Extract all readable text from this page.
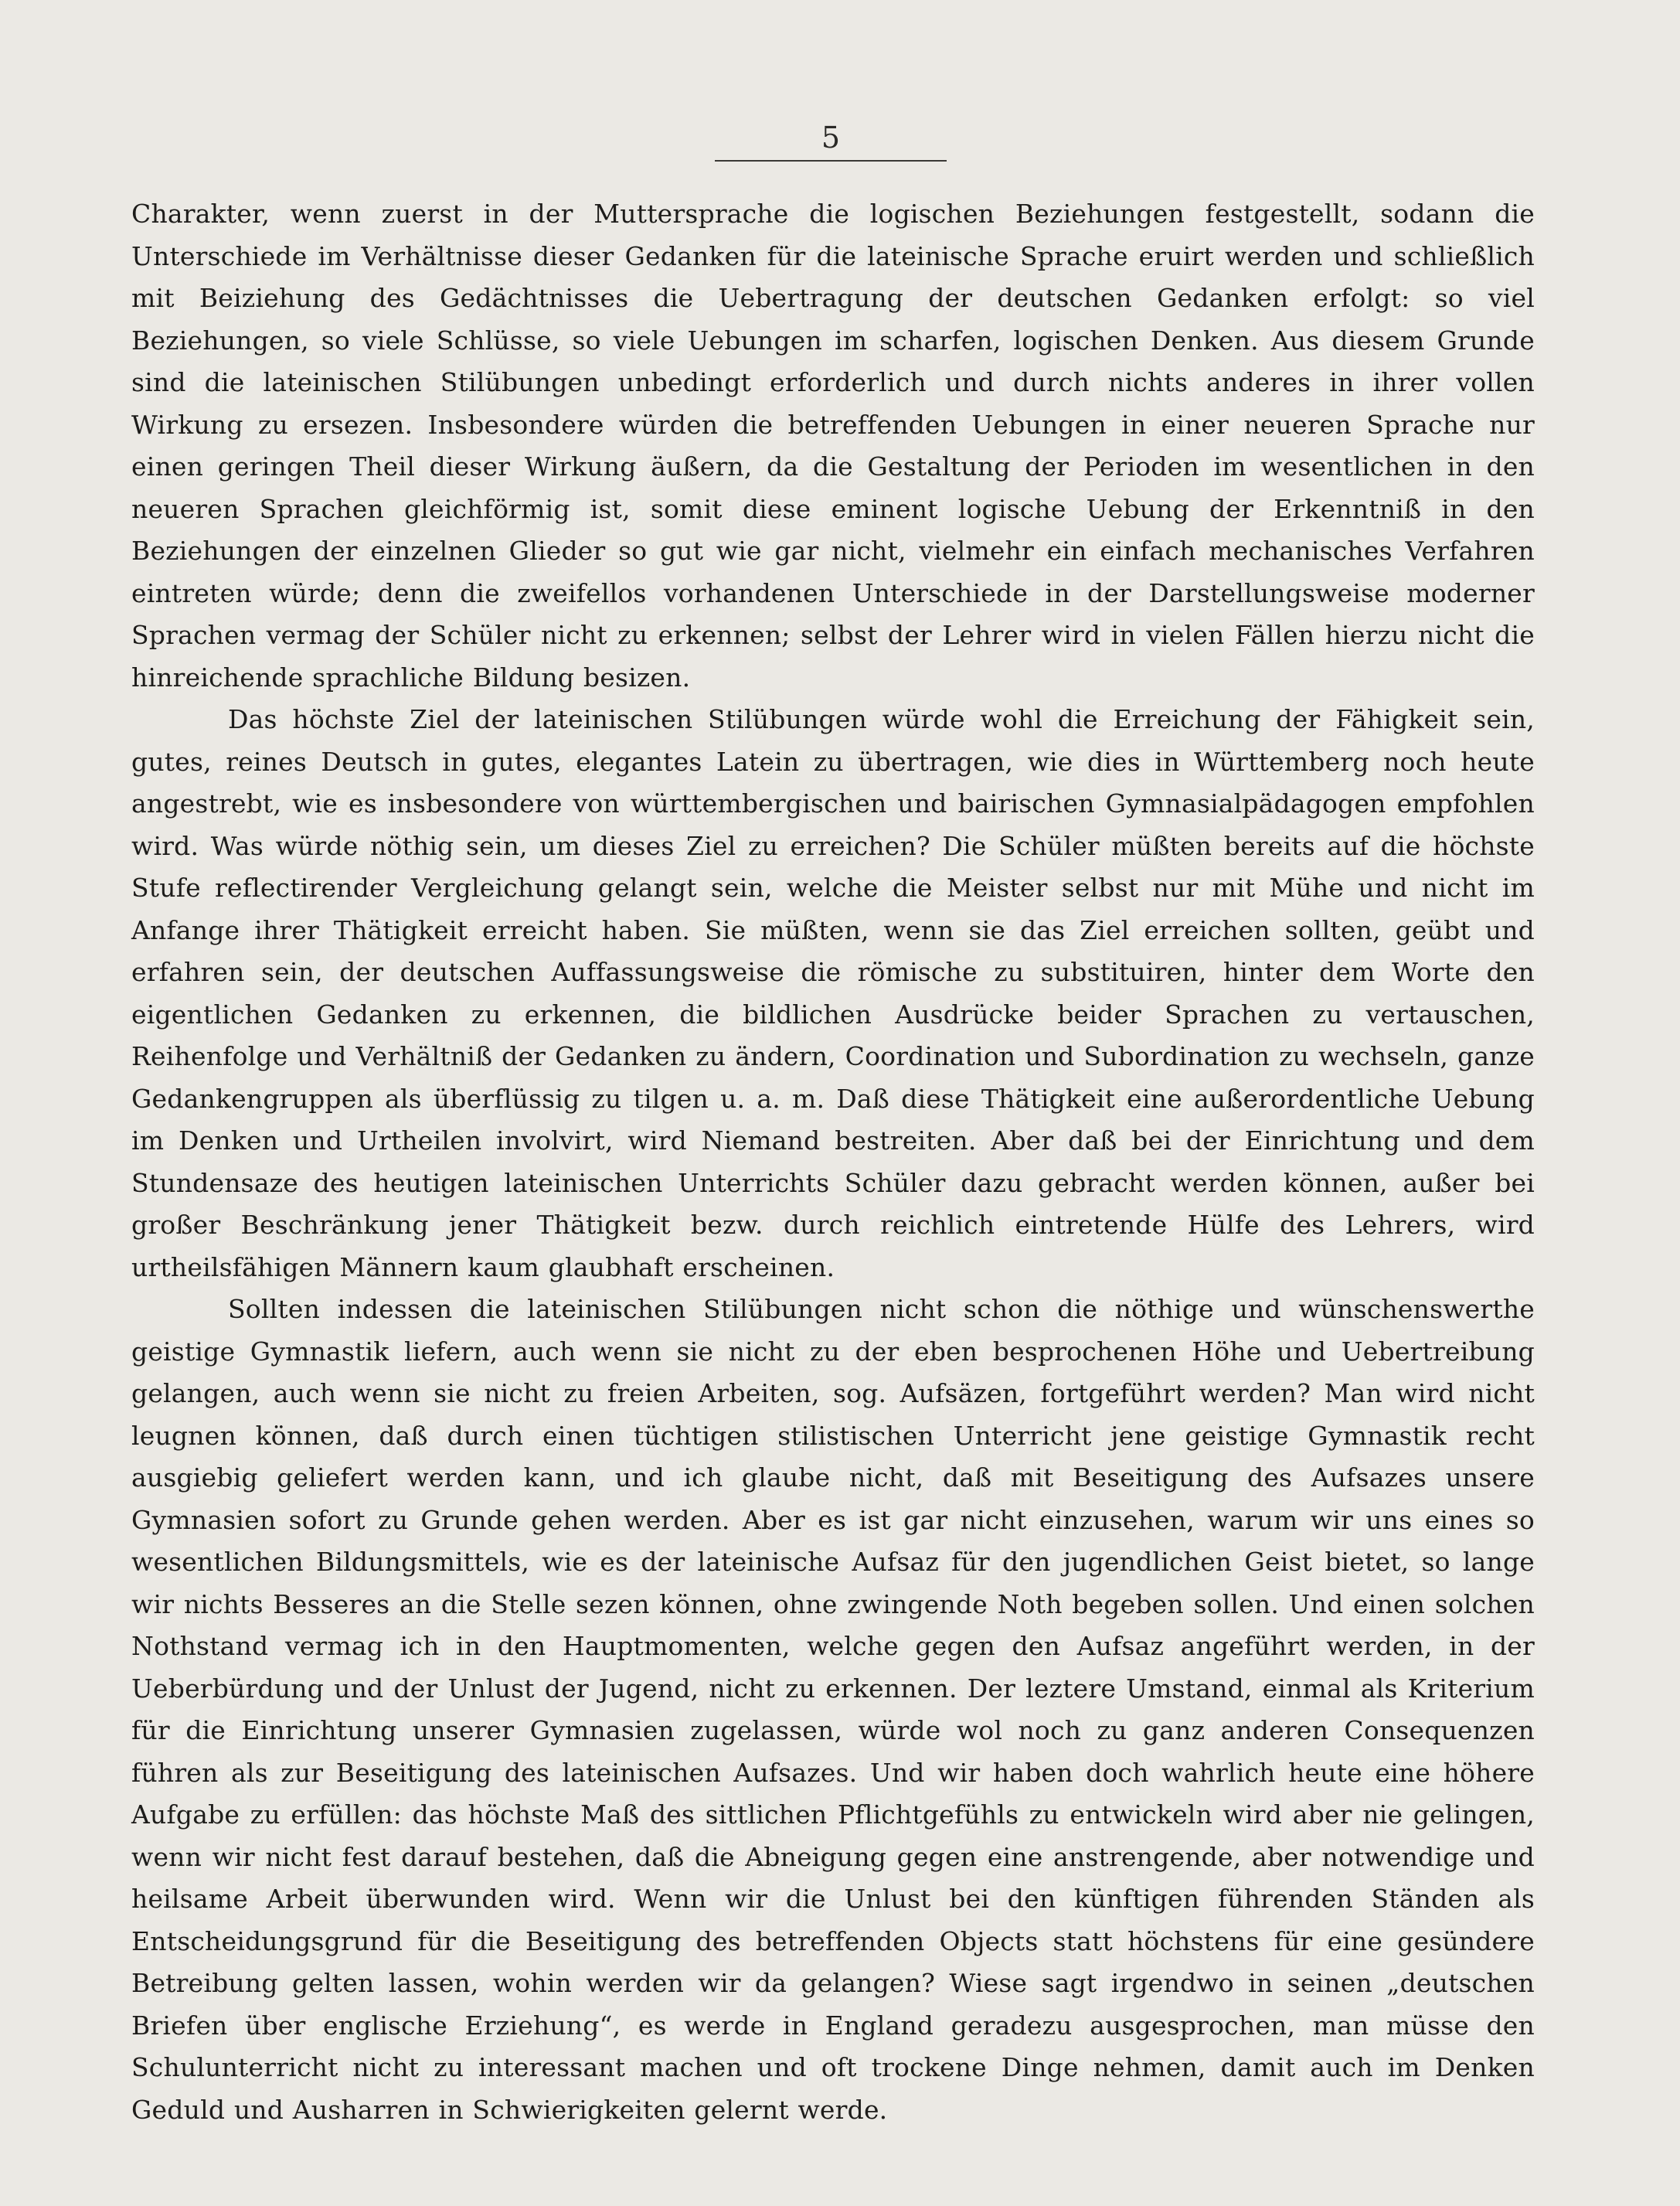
5

Charakter, wenn zuerst in der Muttersprache die logischen Beziehungen festgestellt, sodann die Unterschiede im Verhältnisse dieser Gedanken für die lateinische Sprache eruirt werden und schließlich mit Beiziehung des Gedächtnisses die Uebertragung der deutschen Gedanken erfolgt: so viel Beziehungen, so viele Schlüsse, so viele Uebungen im scharfen, logischen Denken. Aus diesem Grunde sind die lateinischen Stilübungen unbedingt erforderlich und durch nichts anderes in ihrer vollen Wirkung zu ersezen. Insbesondere würden die betreffenden Uebungen in einer neueren Sprache nur einen geringen Theil dieser Wirkung äußern, da die Gestaltung der Perioden im wesentlichen in den neueren Sprachen gleichförmig ist, somit diese eminent logische Uebung der Erkenntniß in den Beziehungen der einzelnen Glieder so gut wie gar nicht, vielmehr ein einfach mechanisches Verfahren eintreten würde; denn die zweifellos vorhandenen Unterschiede in der Darstellungsweise moderner Sprachen vermag der Schüler nicht zu erkennen; selbst der Lehrer wird in vielen Fällen hierzu nicht die hinreichende sprachliche Bildung besizen.

Das höchste Ziel der lateinischen Stilübungen würde wohl die Erreichung der Fähigkeit sein, gutes, reines Deutsch in gutes, elegantes Latein zu übertragen, wie dies in Württemberg noch heute angestrebt, wie es insbesondere von württembergischen und bairischen Gymnasialpädagogen empfohlen wird. Was würde nöthig sein, um dieses Ziel zu erreichen? Die Schüler müßten bereits auf die höchste Stufe reflectirender Vergleichung gelangt sein, welche die Meister selbst nur mit Mühe und nicht im Anfange ihrer Thätigkeit erreicht haben. Sie müßten, wenn sie das Ziel erreichen sollten, geübt und erfahren sein, der deutschen Auffassungsweise die römische zu substituiren, hinter dem Worte den eigentlichen Gedanken zu erkennen, die bildlichen Ausdrücke beider Sprachen zu vertauschen, Reihenfolge und Verhältniß der Gedanken zu ändern, Coordination und Subordination zu wechseln, ganze Gedankengruppen als überflüssig zu tilgen u. a. m. Daß diese Thätigkeit eine außerordentliche Uebung im Denken und Urtheilen involvirt, wird Niemand bestreiten. Aber daß bei der Einrichtung und dem Stundensaze des heutigen lateinischen Unterrichts Schüler dazu gebracht werden können, außer bei großer Beschränkung jener Thätigkeit bezw. durch reichlich eintretende Hülfe des Lehrers, wird urtheilsfähigen Männern kaum glaubhaft erscheinen.

Sollten indessen die lateinischen Stilübungen nicht schon die nöthige und wünschenswerthe geistige Gymnastik liefern, auch wenn sie nicht zu der eben besprochenen Höhe und Uebertreibung gelangen, auch wenn sie nicht zu freien Arbeiten, sog. Aufsäzen, fortgeführt werden? Man wird nicht leugnen können, daß durch einen tüchtigen stilistischen Unterricht jene geistige Gymnastik recht ausgiebig geliefert werden kann, und ich glaube nicht, daß mit Beseitigung des Aufsazes unsere Gymnasien sofort zu Grunde gehen werden. Aber es ist gar nicht einzusehen, warum wir uns eines so wesentlichen Bildungsmittels, wie es der lateinische Aufsaz für den jugendlichen Geist bietet, so lange wir nichts Besseres an die Stelle sezen können, ohne zwingende Noth begeben sollen. Und einen solchen Nothstand vermag ich in den Hauptmomenten, welche gegen den Aufsaz angeführt werden, in der Ueberbürdung und der Unlust der Jugend, nicht zu erkennen. Der leztere Umstand, einmal als Kriterium für die Einrichtung unserer Gymnasien zugelassen, würde wol noch zu ganz anderen Consequenzen führen als zur Beseitigung des lateinischen Aufsazes. Und wir haben doch wahrlich heute eine höhere Aufgabe zu erfüllen: das höchste Maß des sittlichen Pflichtgefühls zu entwickeln wird aber nie gelingen, wenn wir nicht fest darauf bestehen, daß die Abneigung gegen eine anstrengende, aber notwendige und heilsame Arbeit überwunden wird. Wenn wir die Unlust bei den künftigen führenden Ständen als Entscheidungsgrund für die Beseitigung des betreffenden Objects statt höchstens für eine gesündere Betreibung gelten lassen, wohin werden wir da gelangen? Wiese sagt irgendwo in seinen „deutschen Briefen über englische Erziehung“, es werde in England geradezu ausgesprochen, man müsse den Schulunterricht nicht zu interessant machen und oft trockene Dinge nehmen, damit auch im Denken Geduld und Ausharren in Schwierigkeiten gelernt werde.
